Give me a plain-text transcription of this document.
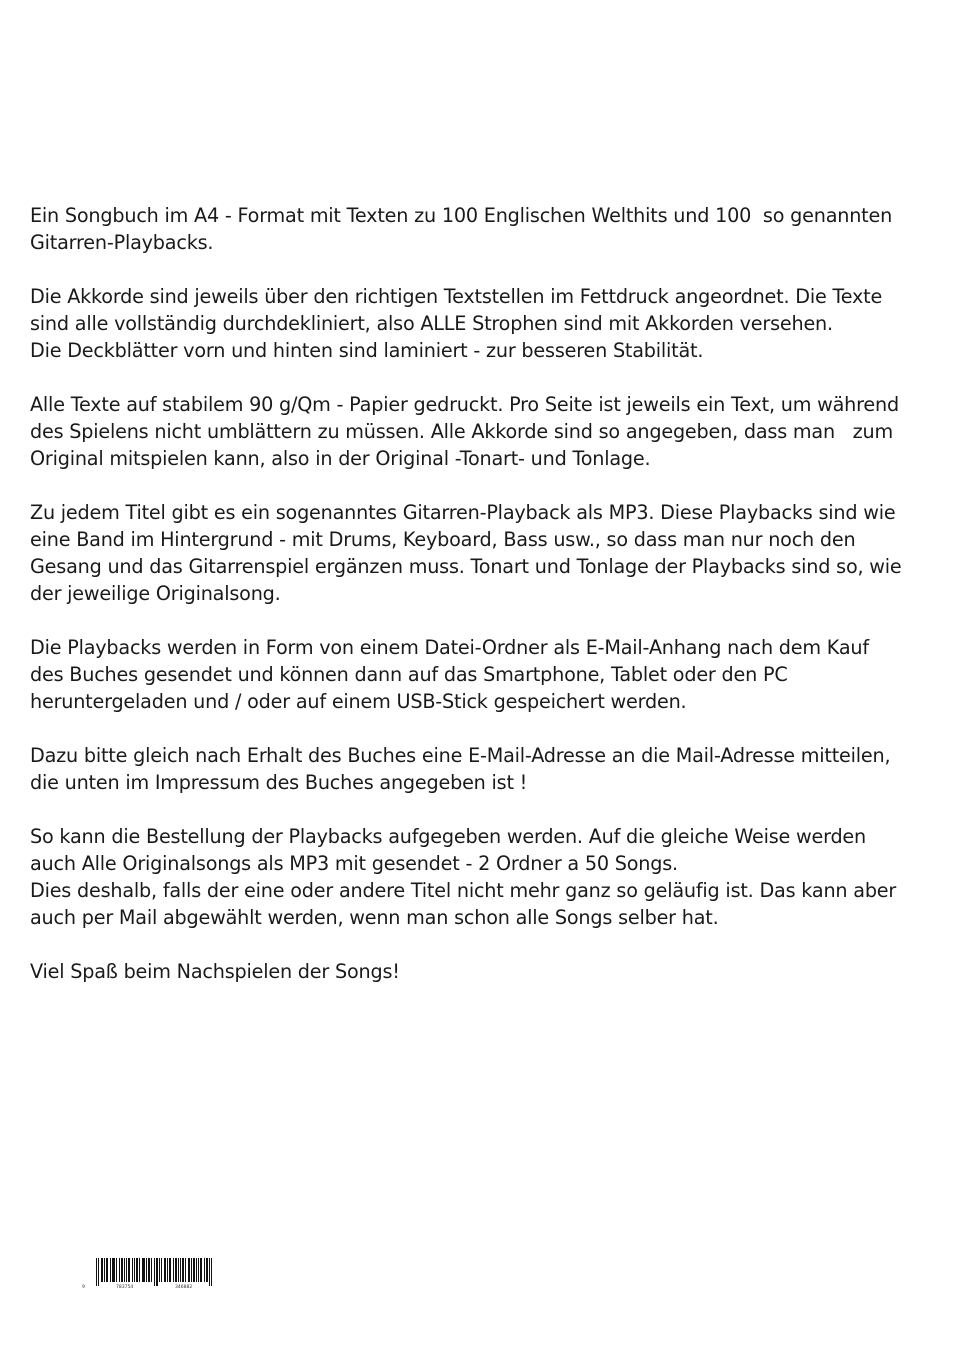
Ein Songbuch im A4 - Format mit Texten zu 100 Englischen Welthits und 100  so genannten
Gitarren-Playbacks.

Die Akkorde sind jeweils über den richtigen Textstellen im Fettdruck angeordnet. Die Texte
sind alle vollständig durchdekliniert, also ALLE Strophen sind mit Akkorden versehen.
Die Deckblätter vorn und hinten sind laminiert - zur besseren Stabilität.

Alle Texte auf stabilem 90 g/Qm - Papier gedruckt. Pro Seite ist jeweils ein Text, um während
des Spielens nicht umblättern zu müssen. Alle Akkorde sind so angegeben, dass man   zum
Original mitspielen kann, also in der Original -Tonart- und Tonlage.

Zu jedem Titel gibt es ein sogenanntes Gitarren-Playback als MP3. Diese Playbacks sind wie
eine Band im Hintergrund - mit Drums, Keyboard, Bass usw., so dass man nur noch den
Gesang und das Gitarrenspiel ergänzen muss. Tonart und Tonlage der Playbacks sind so, wie
der jeweilige Originalsong.

Die Playbacks werden in Form von einem Datei-Ordner als E-Mail-Anhang nach dem Kauf
des Buches gesendet und können dann auf das Smartphone, Tablet oder den PC
heruntergeladen und / oder auf einem USB-Stick gespeichert werden.

Dazu bitte gleich nach Erhalt des Buches eine E-Mail-Adresse an die Mail-Adresse mitteilen,
die unten im Impressum des Buches angegeben ist !

So kann die Bestellung der Playbacks aufgegeben werden. Auf die gleiche Weise werden
auch Alle Originalsongs als MP3 mit gesendet - 2 Ordner a 50 Songs.
Dies deshalb, falls der eine oder andere Titel nicht mehr ganz so geläufig ist. Das kann aber
auch per Mail abgewählt werden, wenn man schon alle Songs selber hat.

Viel Spaß beim Nachspielen der Songs!

9	783754	346882
